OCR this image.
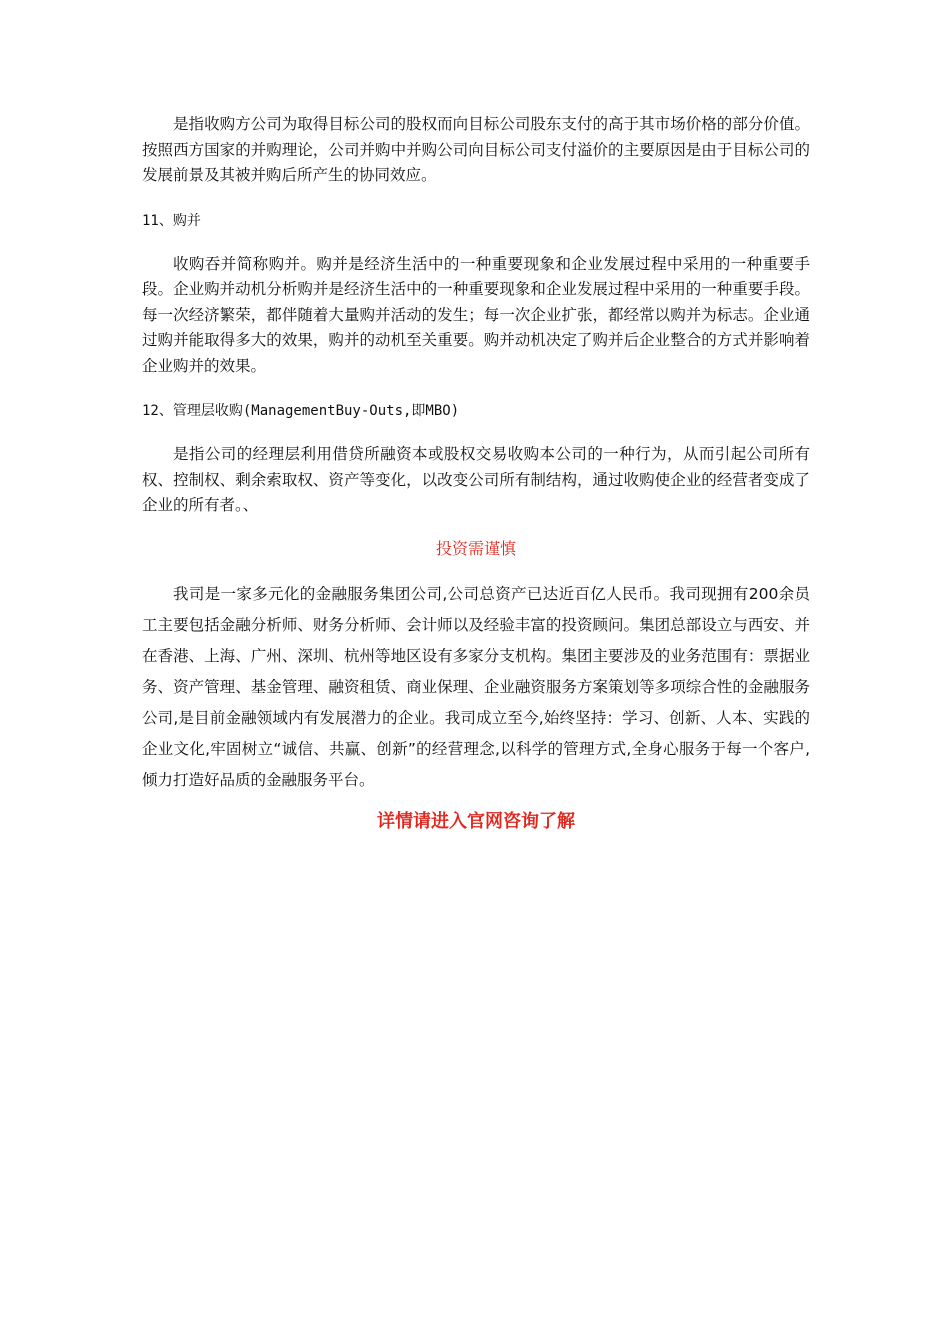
是指收购方公司为取得目标公司的股权而向目标公司股东支付的高于其市场价格的部分价值。按照西方国家的并购理论，公司并购中并购公司向目标公司支付溢价的主要原因是由于目标公司的发展前景及其被并购后所产生的协同效应。

11、购并

收购吞并简称购并。购并是经济生活中的一种重要现象和企业发展过程中采用的一种重要手段。企业购并动机分析购并是经济生活中的一种重要现象和企业发展过程中采用的一种重要手段。每一次经济繁荣，都伴随着大量购并活动的发生；每一次企业扩张，都经常以购并为标志。企业通过购并能取得多大的效果，购并的动机至关重要。购并动机决定了购并后企业整合的方式并影响着企业购并的效果。

12、管理层收购(ManagementBuy-Outs,即MBO)

是指公司的经理层利用借贷所融资本或股权交易收购本公司的一种行为，从而引起公司所有权、控制权、剩余索取权、资产等变化，以改变公司所有制结构，通过收购使企业的经营者变成了企业的所有者。、

投资需谨慎

我司是一家多元化的金融服务集团公司,公司总资产已达近百亿人民币。我司现拥有200余员工主要包括金融分析师、财务分析师、会计师以及经验丰富的投资顾问。集团总部设立与西安、并在香港、上海、广州、深圳、杭州等地区设有多家分支机构。集团主要涉及的业务范围有：票据业务、资产管理、基金管理、融资租赁、商业保理、企业融资服务方案策划等多项综合性的金融服务公司,是目前金融领域内有发展潜力的企业。我司成立至今,始终坚持：学习、创新、人本、实践的企业文化,牢固树立“诚信、共赢、创新”的经营理念,以科学的管理方式,全身心服务于每一个客户,倾力打造好品质的金融服务平台。

详情请进入官网咨询了解
